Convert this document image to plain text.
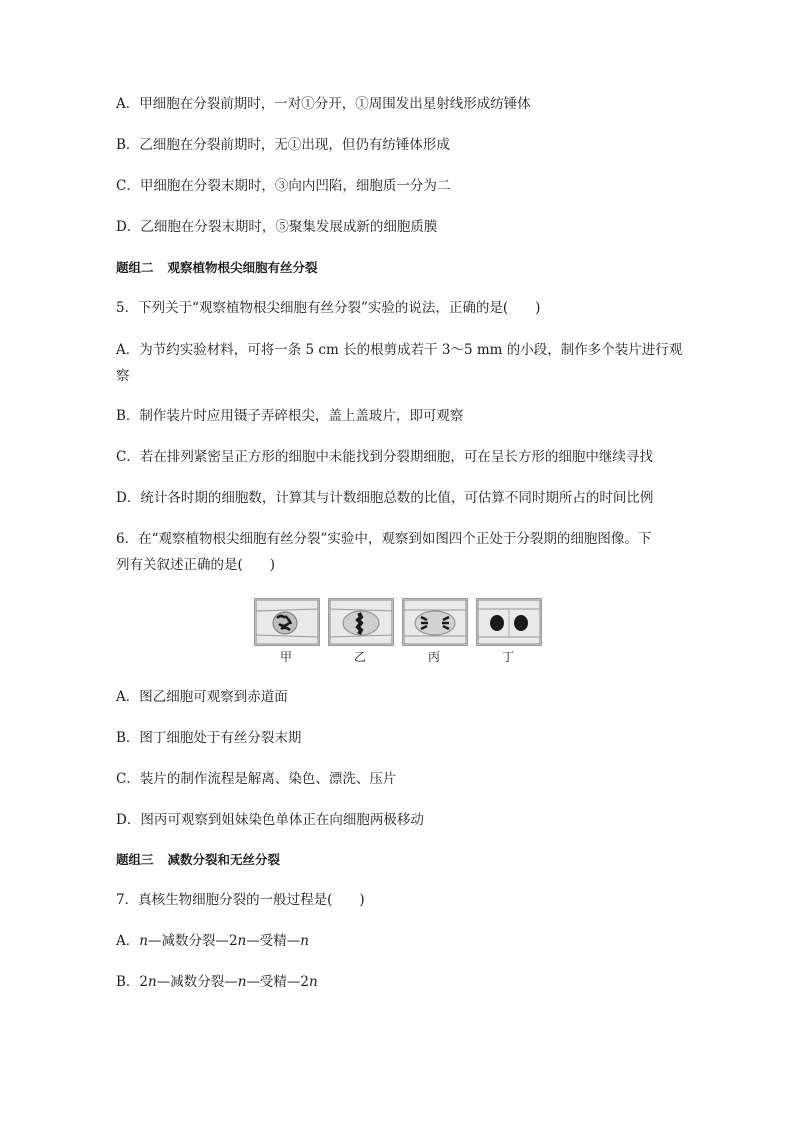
A．甲细胞在分裂前期时，一对①分开，①周围发出星射线形成纺锤体
B．乙细胞在分裂前期时，无①出现，但仍有纺锤体形成
C．甲细胞在分裂末期时，③向内凹陷，细胞质一分为二
D．乙细胞在分裂末期时，⑤聚集发展成新的细胞质膜
题组二 观察植物根尖细胞有丝分裂
5．下列关于“观察植物根尖细胞有丝分裂”实验的说法，正确的是(　　)
A．为节约实验材料，可将一条 5 cm 长的根剪成若干 3～5 mm 的小段，制作多个装片进行观
察
B．制作装片时应用镊子弄碎根尖，盖上盖玻片，即可观察
C．若在排列紧密呈正方形的细胞中未能找到分裂期细胞，可在呈长方形的细胞中继续寻找
D．统计各时期的细胞数，计算其与计数细胞总数的比值，可估算不同时期所占的时间比例
6．在“观察植物根尖细胞有丝分裂”实验中，观察到如图四个正处于分裂期的细胞图像。下
列有关叙述正确的是(　　)
甲	乙	丙	丁
A．图乙细胞可观察到赤道面
B．图丁细胞处于有丝分裂末期
C．装片的制作流程是解离、染色、漂洗、压片
D．图丙可观察到姐妹染色单体正在向细胞两极移动
题组三 减数分裂和无丝分裂
7．真核生物细胞分裂的一般过程是(　　)
A．n—减数分裂—2n—受精—n
B．2n—减数分裂—n—受精—2n
